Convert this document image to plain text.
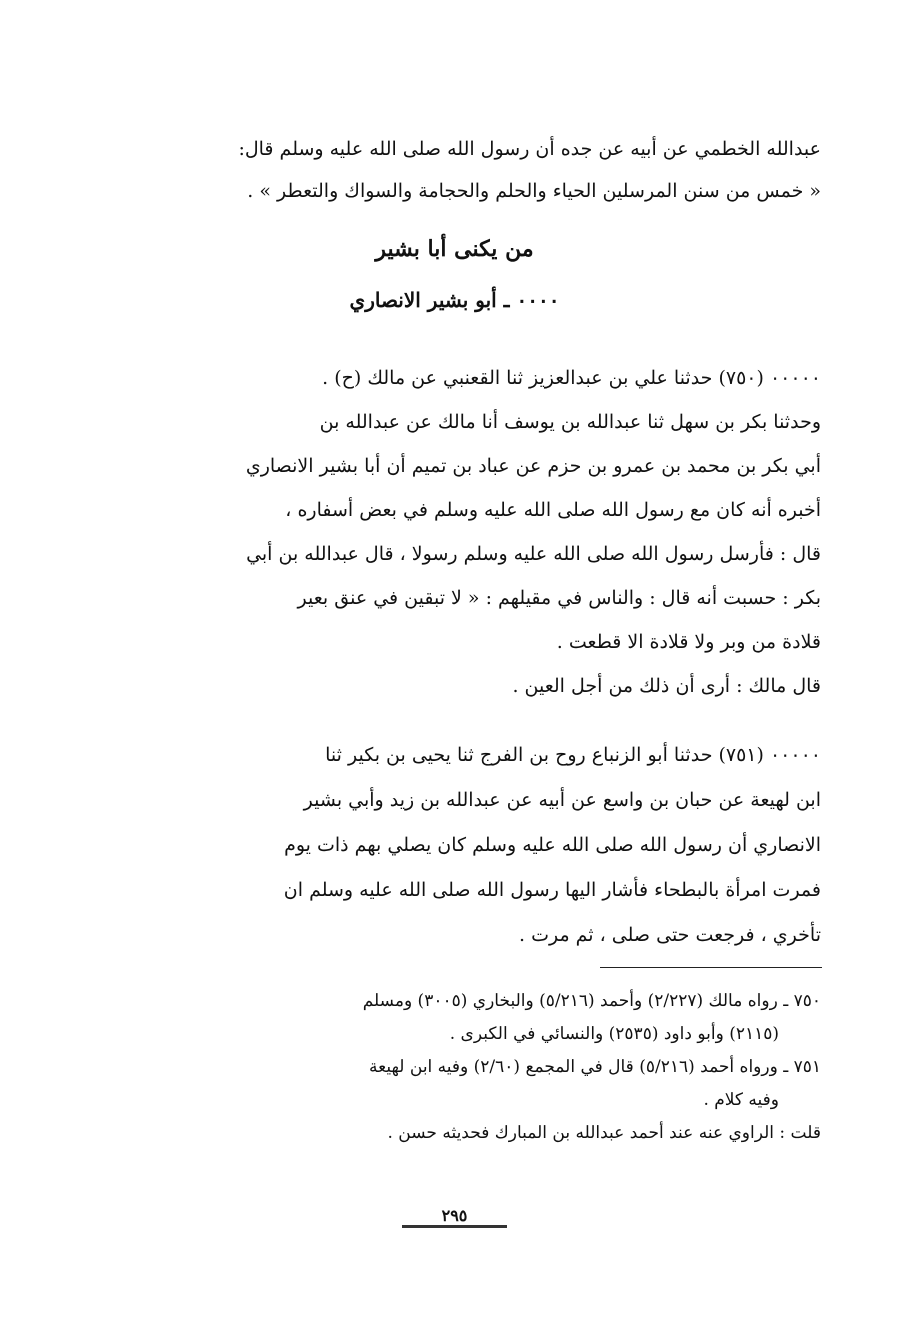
عبدالله الخطمي عن أبيه عن جده أن رسول الله صلى الله عليه وسلم قال:
« خمس من سنن المرسلين الحياء والحلم والحجامة والسواك والتعطر » .
من يكنى أبا بشير
٠٠٠٠ ـ أبو بشير الانصاري
٠٠٠٠٠ (٧٥٠) حدثنا علي بن عبدالعزيز ثنا القعنبي عن مالك (ح) .
وحدثنا بكر بن سهل ثنا عبدالله بن يوسف أنا مالك عن عبدالله بن
أبي بكر بن محمد بن عمرو بن حزم عن عباد بن تميم أن أبا بشير الانصاري
أخبره أنه كان مع رسول الله صلى الله عليه وسلم في بعض أسفاره ،
قال : فأرسل رسول الله صلى الله عليه وسلم رسولا ، قال عبدالله بن أبي
بكر : حسبت أنه قال : والناس في مقيلهم : « لا تبقين في عنق بعير
قلادة من وبر ولا قلادة الا قطعت .
قال مالك : أرى أن ذلك من أجل العين .
٠٠٠٠٠ (٧٥١) حدثنا أبو الزنباع روح بن الفرج ثنا يحيى بن بكير ثنا
ابن لهيعة عن حبان بن واسع عن أبيه عن عبدالله بن زيد وأبي بشير
الانصاري أن رسول الله صلى الله عليه وسلم كان يصلي بهم ذات يوم
فمرت امرأة بالبطحاء فأشار اليها رسول الله صلى الله عليه وسلم ان
تأخري ، فرجعت حتى صلى ، ثم مرت .
٧٥٠ ـ رواه مالك (٢/٢٢٧) وأحمد (٥/٢١٦) والبخاري (٣٠٠٥) ومسلم
(٢١١٥) وأبو داود (٢٥٣٥) والنسائي في الكبرى .
٧٥١ ـ ورواه أحمد (٥/٢١٦) قال في المجمع (٢/٦٠) وفيه ابن لهيعة
وفيه كلام .
قلت : الراوي عنه عند أحمد عبدالله بن المبارك فحديثه حسن .
٢٩٥
